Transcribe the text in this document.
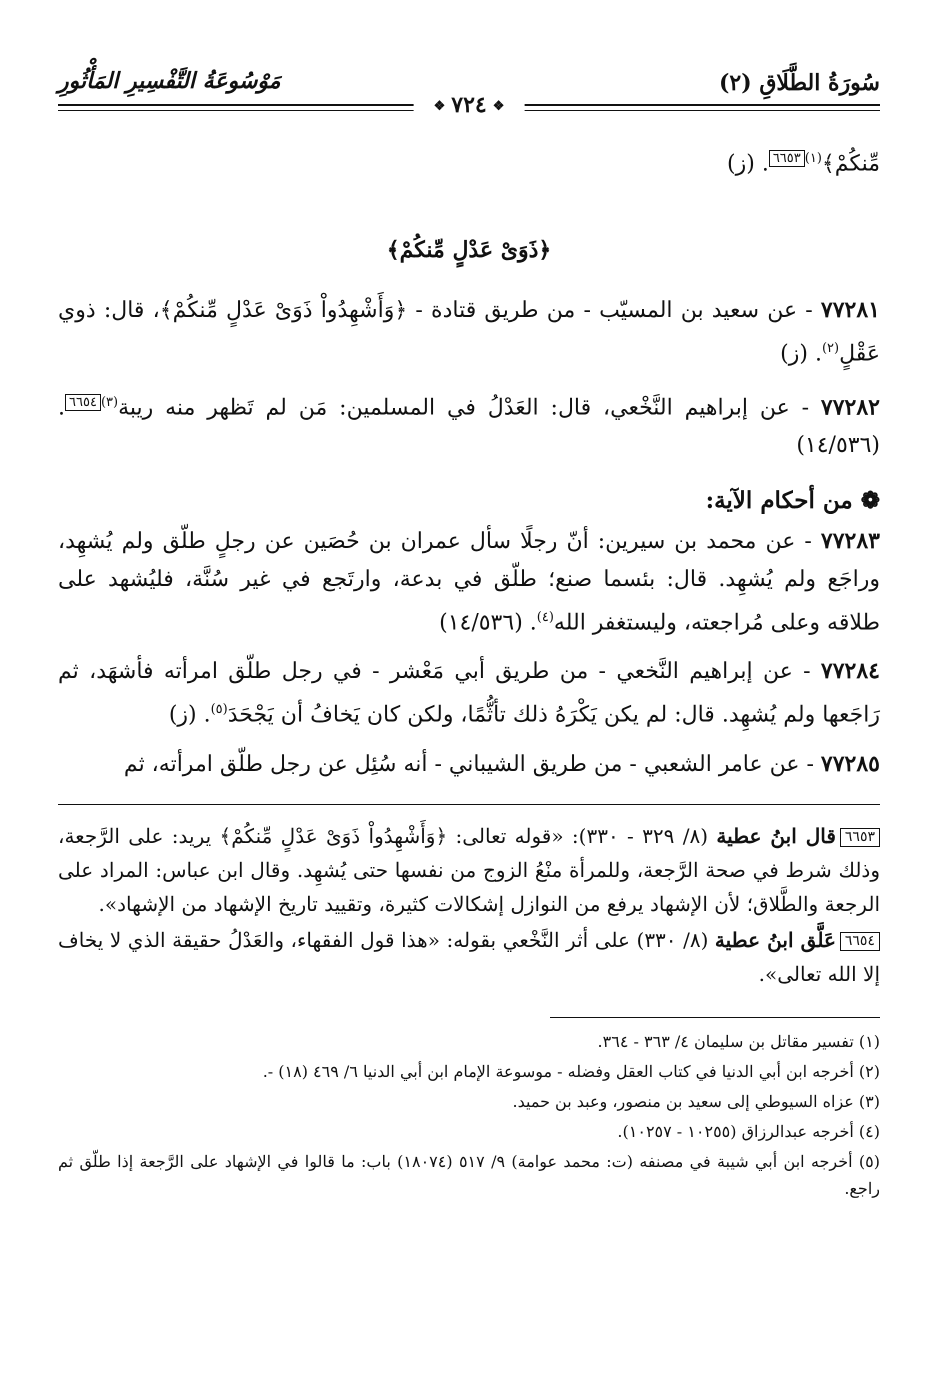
سُورَةُ الطَّلَاقِ (٢)
مَوْسُوعَةُ التَّفْسِيرِ المَأْثُورِ
❖٧٢٤❖

مِّنكُمْ﴾$^{(١)}$٦٦٥٣. (ز)

﴿ذَوَىْ عَدْلٍ مِّنكُمْ﴾

٧٧٢٨١ - عن سعيد بن المسيّب - من طريق قتادة - ﴿وَأَشْهِدُواْ ذَوَىْ عَدْلٍ مِّنكُمْ﴾، قال: ذوي عَقْلٍ$^{(٢)}$. (ز)

٧٧٢٨٢ - عن إبراهيم النَّخْعي، قال: العَدْلُ في المسلمين: مَن لم تَظهر منه ريبة$^{(٣)}$٦٦٥٤. (١٤/٥٣٦)

❁من أحكام الآية:

٧٧٢٨٣ - عن محمد بن سيرين: أنّ رجلًا سأل عمران بن حُصَين عن رجلٍ طلّق ولم يُشهِد، وراجَع ولم يُشهِد. قال: بئسما صنع؛ طلّق في بدعة، وارتَجع في غير سُنَّة، فليُشهد على طلاقه وعلى مُراجعته، وليستغفر الله$^{(٤)}$. (١٤/٥٣٦)

٧٧٢٨٤ - عن إبراهيم النَّخعي - من طريق أبي مَعْشر - في رجل طلّق امرأته فأشهَد، ثم رَاجَعها ولم يُشهِد. قال: لم يكن يَكْرَهُ ذلك تأثُّمًا، ولكن كان يَخافُ أن يَجْحَدَ$^{(٥)}$. (ز)

٧٧٢٨٥ - عن عامر الشعبي - من طريق الشيباني - أنه سُئِل عن رجل طلّق امرأته، ثم

٦٦٥٣قال ابنُ عطية (٨/ ٣٢٩ - ٣٣٠): «قوله تعالى: ﴿وَأَشْهِدُواْ ذَوَىْ عَدْلٍ مِّنكُمْ﴾ يريد: على الرَّجعة، وذلك شرط في صحة الرَّجعة، وللمرأة منْعُ الزوج من نفسها حتى يُشهِد. وقال ابن عباس: المراد على الرجعة والطَّلاق؛ لأن الإشهاد يرفع من النوازل إشكالات كثيرة، وتقييد تاريخ الإشهاد من الإشهاد».

٦٦٥٤عَلَّق ابنُ عطية (٨/ ٣٣٠) على أثر النَّخْعي بقوله: «هذا قول الفقهاء، والعَدْلُ حقيقة الذي لا يخاف إلا الله تعالى».

(١) تفسير مقاتل بن سليمان ٤/ ٣٦٣ - ٣٦٤.

(٢) أخرجه ابن أبي الدنيا في كتاب العقل وفضله - موسوعة الإمام ابن أبي الدنيا ٦/ ٤٦٩ (١٨) -.

(٣) عزاه السيوطي إلى سعيد بن منصور، وعبد بن حميد.

(٤) أخرجه عبدالرزاق (١٠٢٥٥ - ١٠٢٥٧).

(٥) أخرجه ابن أبي شيبة في مصنفه (ت: محمد عوامة) ٩/ ٥١٧ (١٨٠٧٤) باب: ما قالوا في الإشهاد على الرَّجعة إذا طلّق ثم راجع.
